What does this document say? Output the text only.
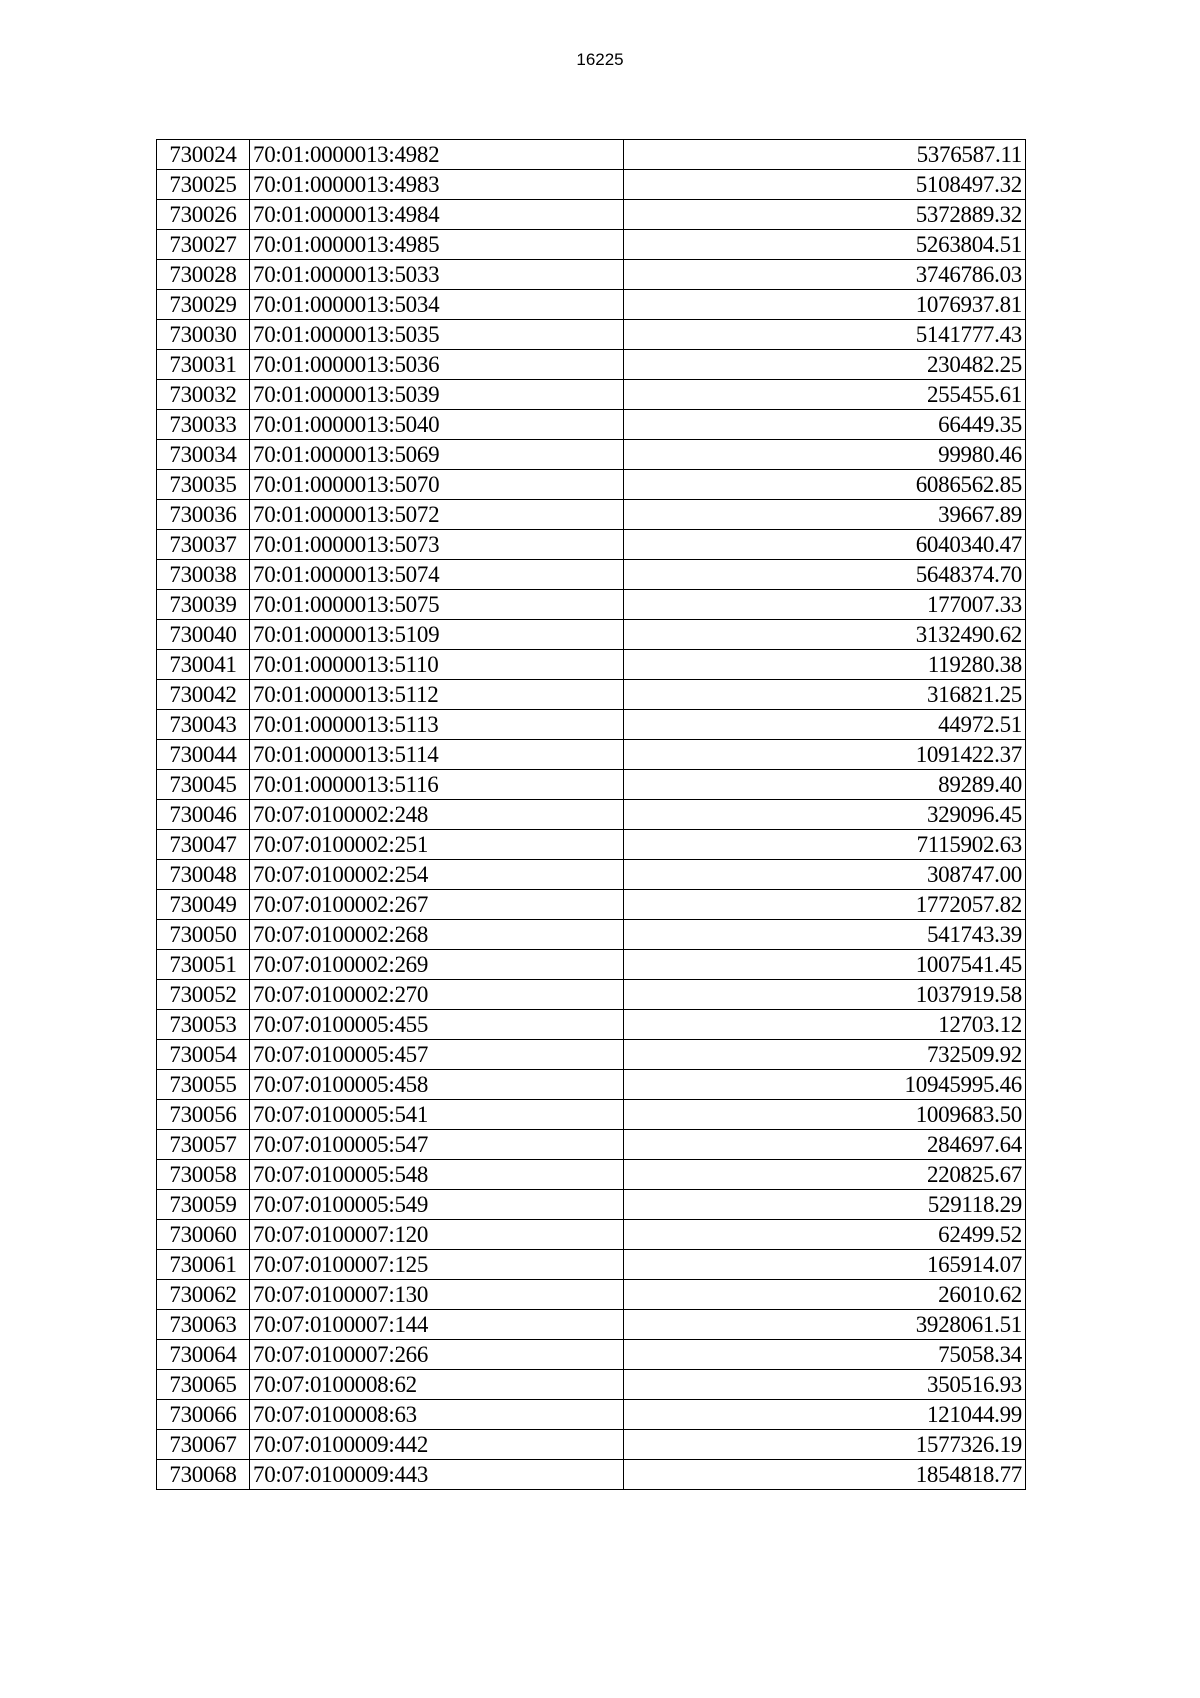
16225
730024	70:01:0000013:4982	5376587.11
730025	70:01:0000013:4983	5108497.32
730026	70:01:0000013:4984	5372889.32
730027	70:01:0000013:4985	5263804.51
730028	70:01:0000013:5033	3746786.03
730029	70:01:0000013:5034	1076937.81
730030	70:01:0000013:5035	5141777.43
730031	70:01:0000013:5036	230482.25
730032	70:01:0000013:5039	255455.61
730033	70:01:0000013:5040	66449.35
730034	70:01:0000013:5069	99980.46
730035	70:01:0000013:5070	6086562.85
730036	70:01:0000013:5072	39667.89
730037	70:01:0000013:5073	6040340.47
730038	70:01:0000013:5074	5648374.70
730039	70:01:0000013:5075	177007.33
730040	70:01:0000013:5109	3132490.62
730041	70:01:0000013:5110	119280.38
730042	70:01:0000013:5112	316821.25
730043	70:01:0000013:5113	44972.51
730044	70:01:0000013:5114	1091422.37
730045	70:01:0000013:5116	89289.40
730046	70:07:0100002:248	329096.45
730047	70:07:0100002:251	7115902.63
730048	70:07:0100002:254	308747.00
730049	70:07:0100002:267	1772057.82
730050	70:07:0100002:268	541743.39
730051	70:07:0100002:269	1007541.45
730052	70:07:0100002:270	1037919.58
730053	70:07:0100005:455	12703.12
730054	70:07:0100005:457	732509.92
730055	70:07:0100005:458	10945995.46
730056	70:07:0100005:541	1009683.50
730057	70:07:0100005:547	284697.64
730058	70:07:0100005:548	220825.67
730059	70:07:0100005:549	529118.29
730060	70:07:0100007:120	62499.52
730061	70:07:0100007:125	165914.07
730062	70:07:0100007:130	26010.62
730063	70:07:0100007:144	3928061.51
730064	70:07:0100007:266	75058.34
730065	70:07:0100008:62	350516.93
730066	70:07:0100008:63	121044.99
730067	70:07:0100009:442	1577326.19
730068	70:07:0100009:443	1854818.77
